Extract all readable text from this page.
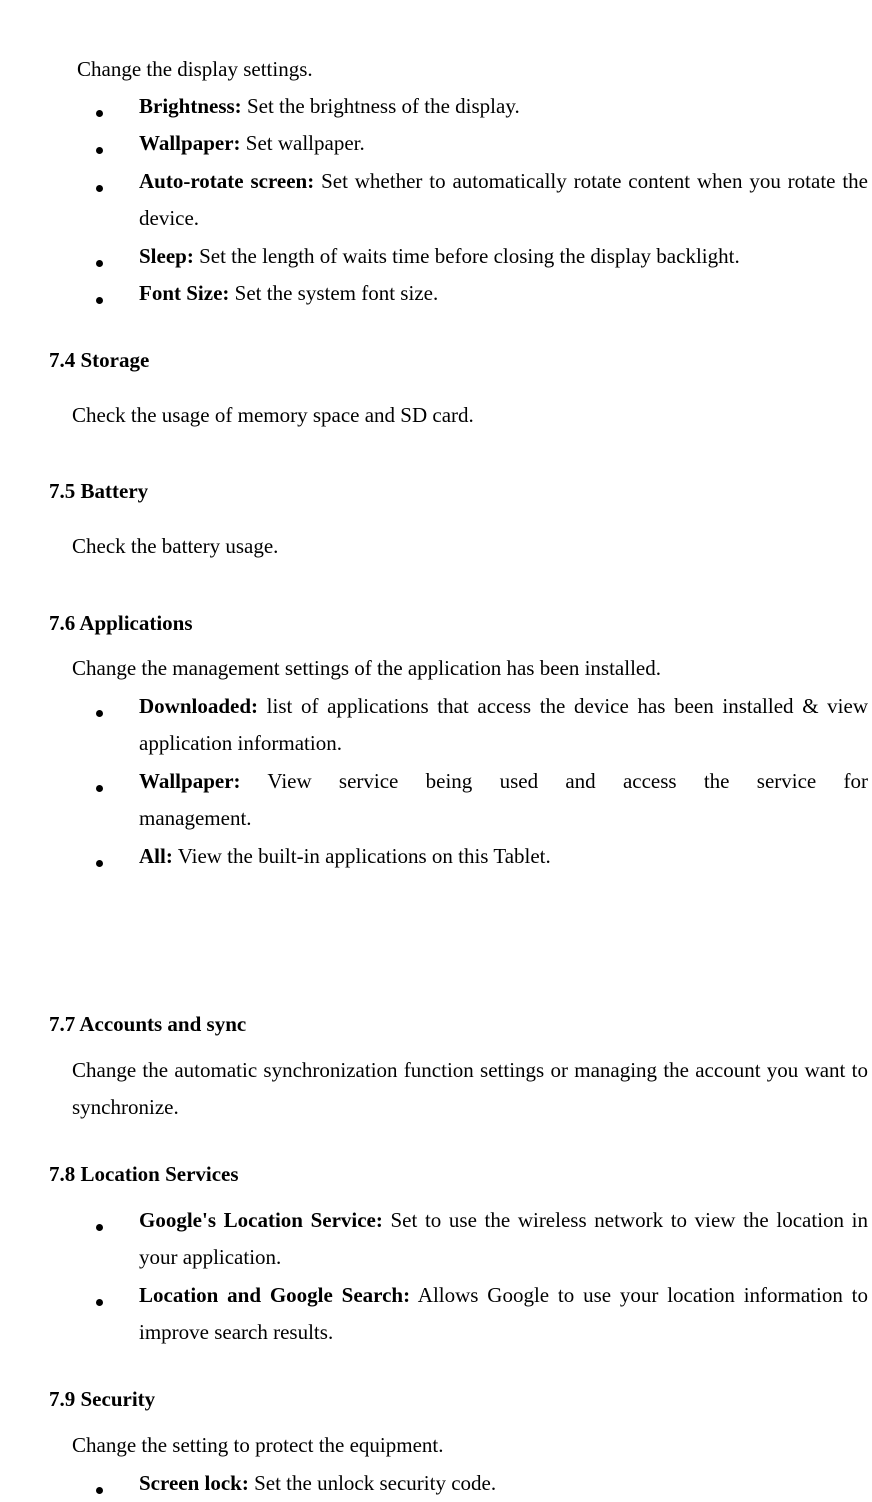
Change the display settings.

Brightness: Set the brightness of the display.

Wallpaper: Set wallpaper.

Auto-rotate screen: Set whether to automatically rotate content when you rotate the device.

Sleep: Set the length of waits time before closing the display backlight.

Font Size: Set the system font size.

7.4 Storage

Check the usage of memory space and SD card.

7.5 Battery

Check the battery usage.

7.6 Applications

Change the management settings of the application has been installed.

Downloaded: list of applications that access the device has been installed & view application information.

Wallpaper: View service being used and access the service for management.

All: View the built-in applications on this Tablet.

7.7 Accounts and sync

Change the automatic synchronization function settings or managing the account you want to synchronize.

7.8 Location Services

Google's Location Service: Set to use the wireless network to view the location in your application.

Location and Google Search: Allows Google to use your location information to improve search results.

7.9 Security

Change the setting to protect the equipment.

Screen lock: Set the unlock security code.
